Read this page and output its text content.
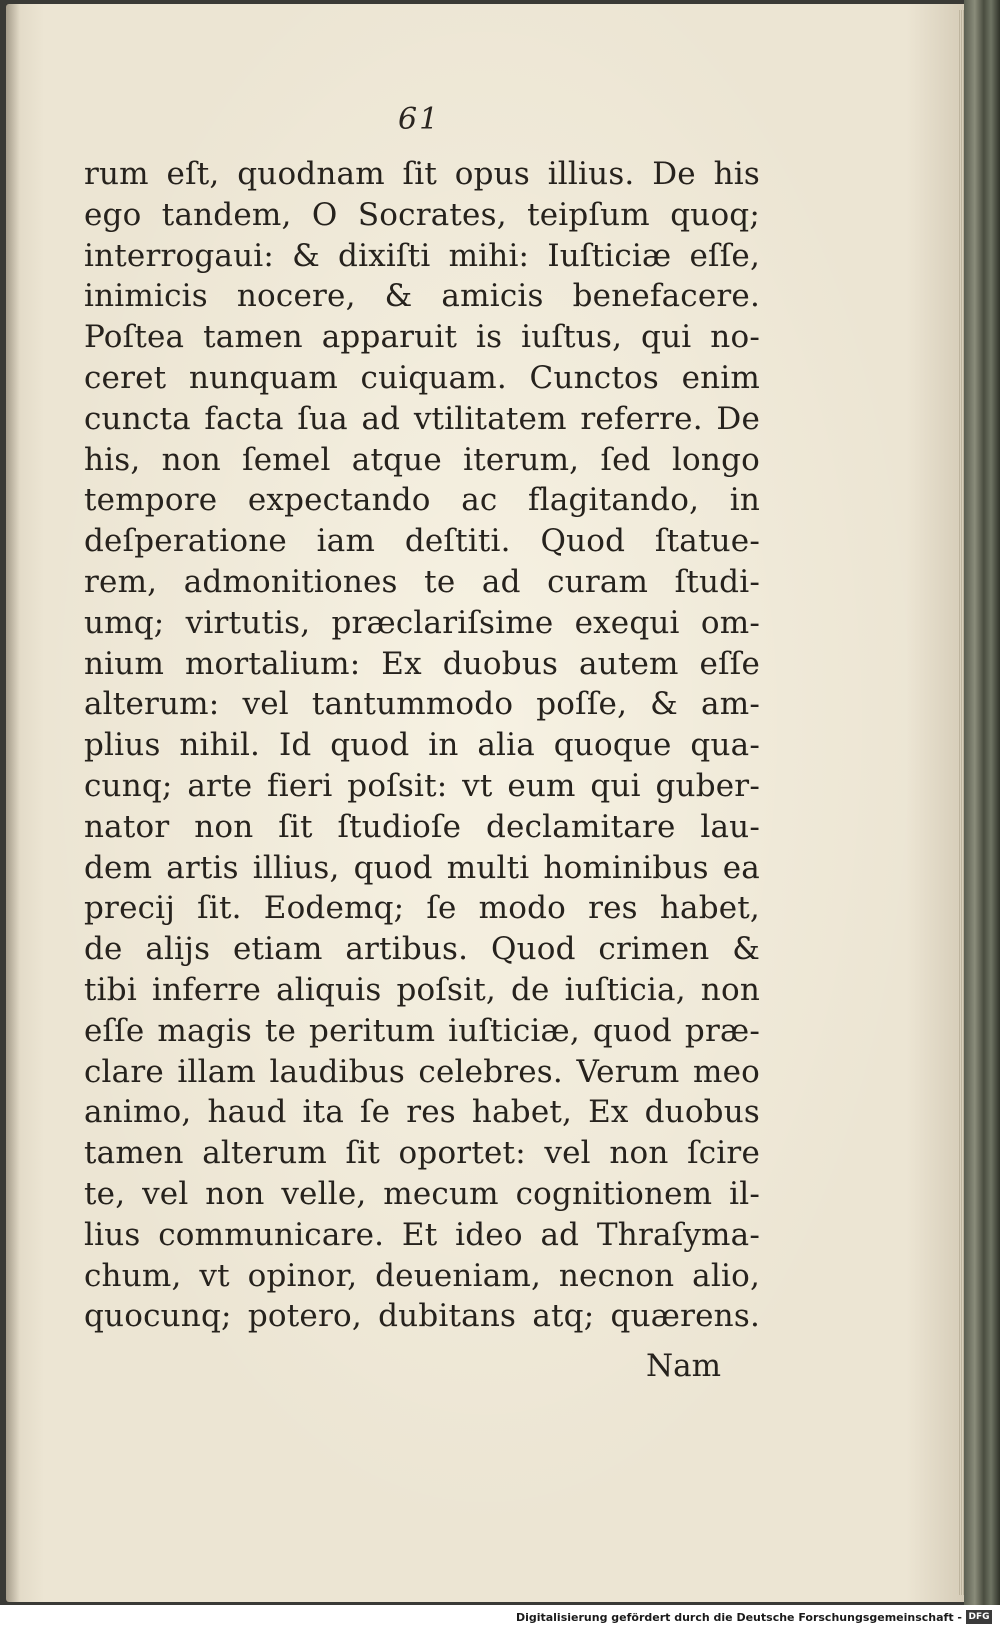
61
rum eſt, quodnam ſit opus illius. De his
ego tandem, O Socrates, teipſum quoq;
interrogaui: & dixiſti mihi: Iuſticiæ eſſe,
inimicis nocere, & amicis benefacere.
Poſtea tamen apparuit is iuſtus, qui no-
ceret nunquam cuiquam. Cunctos enim
cuncta facta ſua ad vtilitatem referre. De
his, non ſemel atque iterum, ſed longo
tempore expectando ac flagitando, in
deſperatione iam deſtiti. Quod ſtatue-
rem, admonitiones te ad curam ſtudi-
umq; virtutis, præclariſsime exequi om-
nium mortalium: Ex duobus autem eſſe
alterum: vel tantummodo poſſe, & am-
plius nihil. Id quod in alia quoque qua-
cunq; arte fieri poſsit: vt eum qui guber-
nator non ſit ſtudioſe declamitare lau-
dem artis illius, quod multi hominibus ea
precij ſit. Eodemq; ſe modo res habet,
de alijs etiam artibus. Quod crimen &
tibi inferre aliquis poſsit, de iuſticia, non
eſſe magis te peritum iuſticiæ, quod præ-
clare illam laudibus celebres. Verum meo
animo, haud ita ſe res habet, Ex duobus
tamen alterum ſit oportet: vel non ſcire
te, vel non velle, mecum cognitionem il-
lius communicare. Et ideo ad Thraſyma-
chum, vt opinor, deueniam, necnon alio,
quocunq; potero, dubitans atq; quærens.
Nam
Digitalisierung gefördert durch die Deutsche Forschungsgemeinschaft - DFG
